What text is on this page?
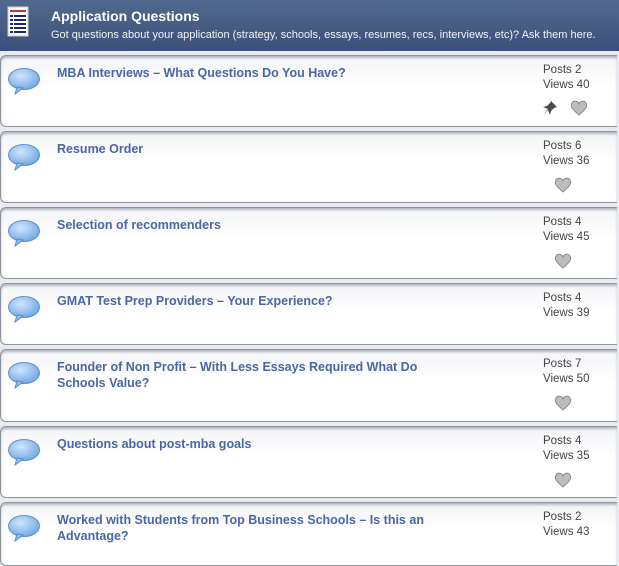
Application Questions
Got questions about your application (strategy, schools, essays, resumes, recs, interviews, etc)? Ask them here.
MBA Interviews – What Questions Do You Have?	Posts 2
Views 40
Resume Order	Posts 6
Views 36
Selection of recommenders	Posts 4
Views 45
GMAT Test Prep Providers – Your Experience?	Posts 4
Views 39
Founder of Non Profit – With Less Essays Required What Do Schools Value?
Posts 7
Views 50
Questions about post-mba goals	Posts 4
Views 35
Worked with Students from Top Business Schools – Is this an Advantage?
Posts 2
Views 43
